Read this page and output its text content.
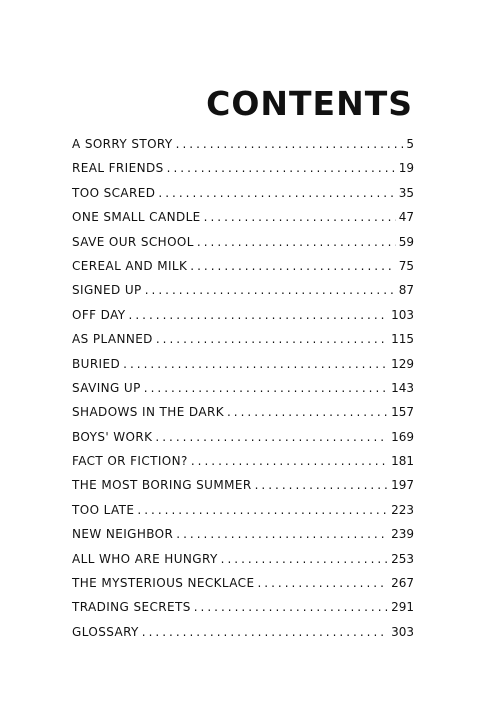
CONTENTS
A SORRY STORY .....	5
REAL FRIENDS .....	19
TOO SCARED .....	35
ONE SMALL CANDLE .....	47
SAVE OUR SCHOOL .....	59
CEREAL AND MILK .....	75
SIGNED UP .....	87
OFF DAY .....	103
AS PLANNED .....	115
BURIED .....	129
SAVING UP .....	143
SHADOWS IN THE DARK .....	157
BOYS' WORK .....	169
FACT OR FICTION? .....	181
THE MOST BORING SUMMER .....	197
TOO LATE .....	223
NEW NEIGHBOR .....	239
ALL WHO ARE HUNGRY .....	253
THE MYSTERIOUS NECKLACE .....	267
TRADING SECRETS .....	291
GLOSSARY .....	303
